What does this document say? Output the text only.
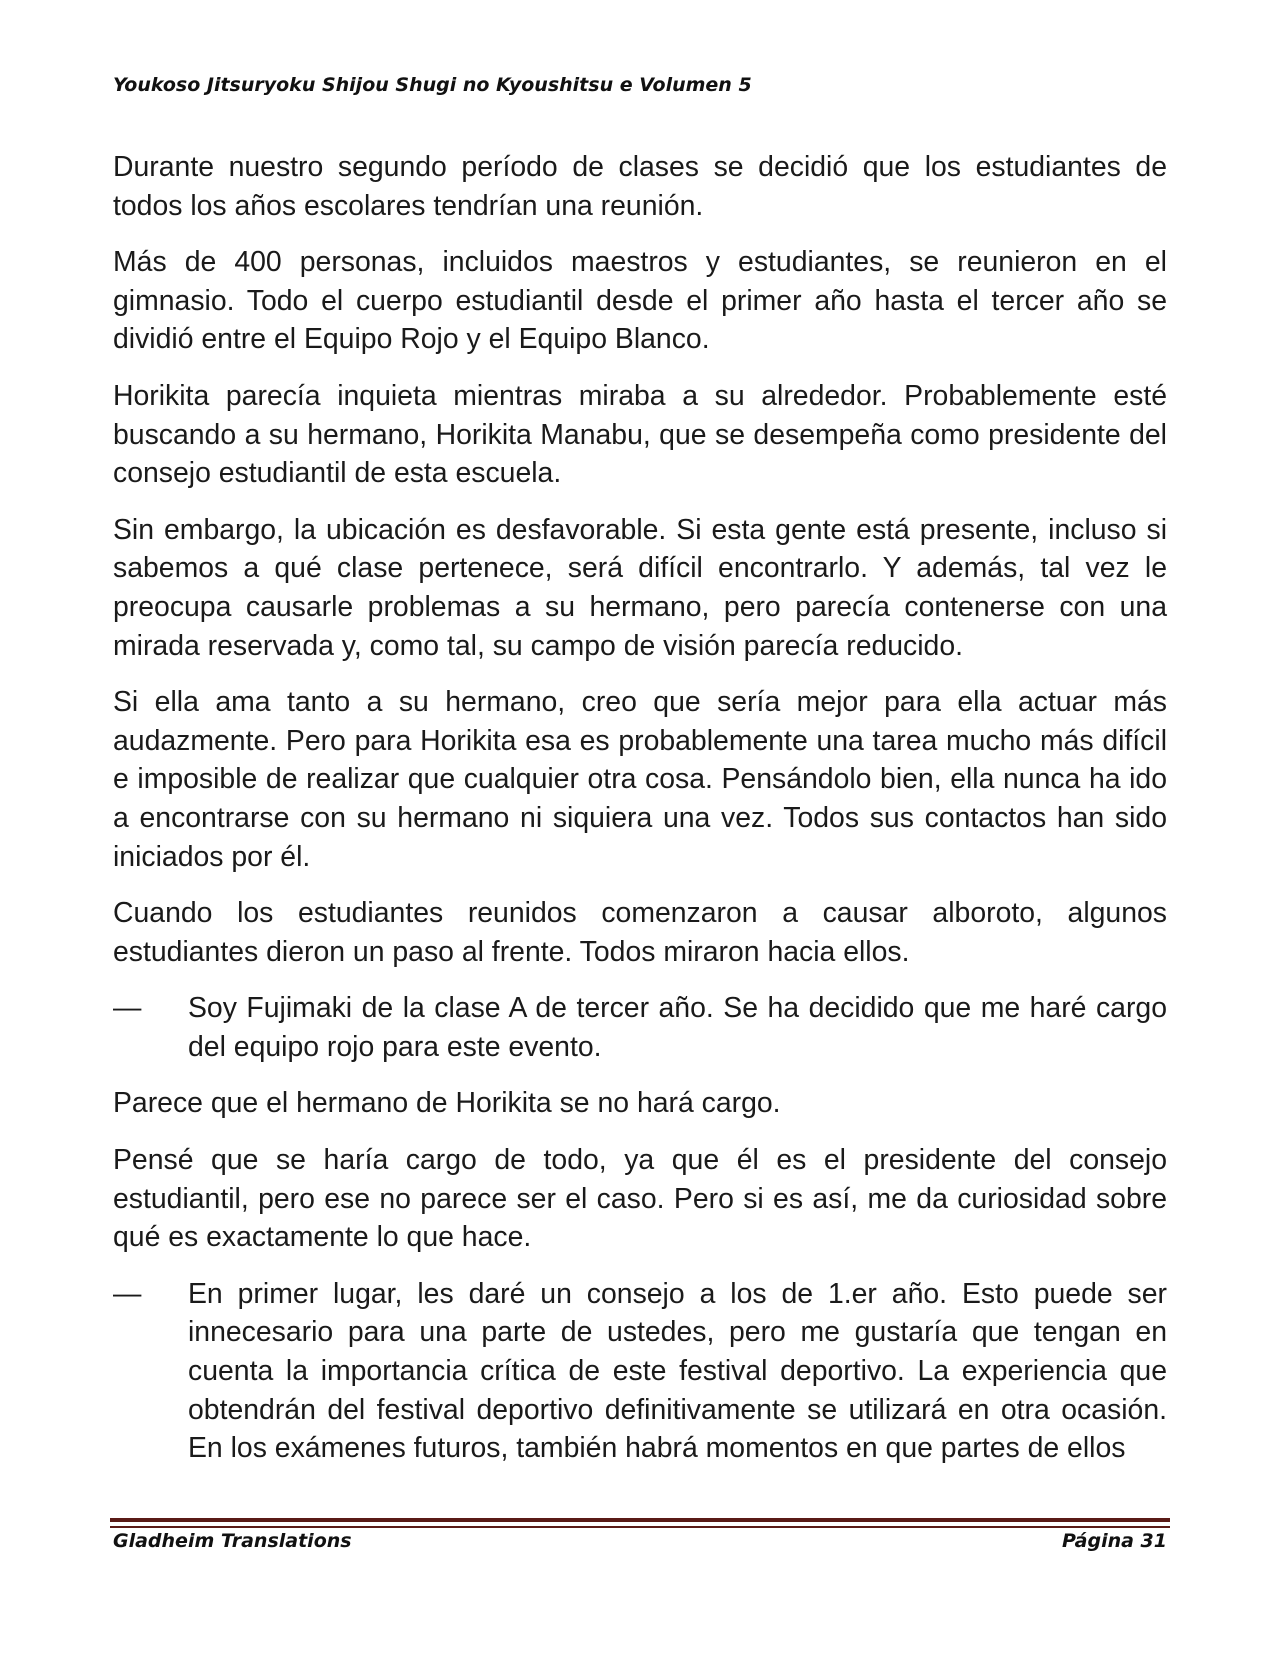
Youkoso Jitsuryoku Shijou Shugi no Kyoushitsu e Volumen 5

Durante nuestro segundo período de clases se decidió que los estudiantes de todos los años escolares tendrían una reunión.

Más de 400 personas, incluidos maestros y estudiantes, se reunieron en el gimnasio. Todo el cuerpo estudiantil desde el primer año hasta el tercer año se dividió entre el Equipo Rojo y el Equipo Blanco.

Horikita parecía inquieta mientras miraba a su alrededor. Probablemente esté buscando a su hermano, Horikita Manabu, que se desempeña como presidente del consejo estudiantil de esta escuela.

Sin embargo, la ubicación es desfavorable. Si esta gente está presente, incluso si sabemos a qué clase pertenece, será difícil encontrarlo. Y además, tal vez le preocupa causarle problemas a su hermano, pero parecía contenerse con una mirada reservada y, como tal, su campo de visión parecía reducido.

Si ella ama tanto a su hermano, creo que sería mejor para ella actuar más audazmente. Pero para Horikita esa es probablemente una tarea mucho más difícil e imposible de realizar que cualquier otra cosa. Pensándolo bien, ella nunca ha ido a encontrarse con su hermano ni siquiera una vez. Todos sus contactos han sido iniciados por él.

Cuando los estudiantes reunidos comenzaron a causar alboroto, algunos estudiantes dieron un paso al frente. Todos miraron hacia ellos.

— Soy Fujimaki de la clase A de tercer año. Se ha decidido que me haré cargo del equipo rojo para este evento.

Parece que el hermano de Horikita se no hará cargo.

Pensé que se haría cargo de todo, ya que él es el presidente del consejo estudiantil, pero ese no parece ser el caso. Pero si es así, me da curiosidad sobre qué es exactamente lo que hace.

— En primer lugar, les daré un consejo a los de 1.er año. Esto puede ser innecesario para una parte de ustedes, pero me gustaría que tengan en cuenta la importancia crítica de este festival deportivo. La experiencia que obtendrán del festival deportivo definitivamente se utilizará en otra ocasión. En los exámenes futuros, también habrá momentos en que partes de ellos

Gladheim Translations	Página 31
